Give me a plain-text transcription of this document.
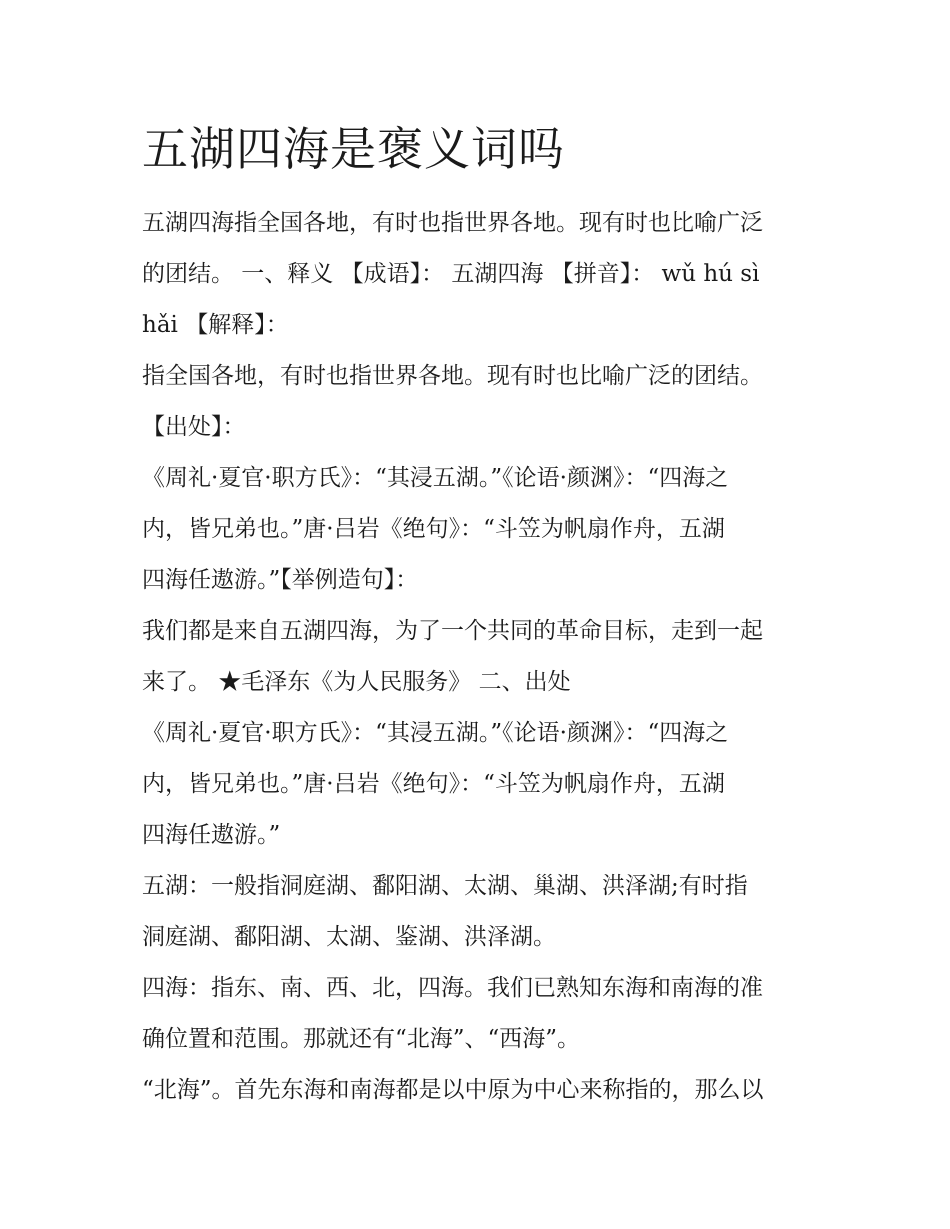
五湖四海是褒义词吗

五湖四海指全国各地，有时也指世界各地。现有时也比喻广泛

的团结。 一、释义 【成语】： 五湖四海 【拼音】： wǔ hú sì

hǎi 【解释】：

指全国各地，有时也指世界各地。现有时也比喻广泛的团结。

【出处】：

《周礼·夏官·职方氏》：“其浸五湖。”《论语·颜渊》：“四海之

内，皆兄弟也。”唐·吕岩《绝句》：“斗笠为帆扇作舟，五湖

四海任遨游。”【举例造句】：

我们都是来自五湖四海，为了一个共同的革命目标，走到一起

来了。 ★毛泽东《为人民服务》 二、出处

《周礼·夏官·职方氏》：“其浸五湖。”《论语·颜渊》：“四海之

内，皆兄弟也。”唐·吕岩《绝句》：“斗笠为帆扇作舟，五湖

四海任遨游。”

五湖：一般指洞庭湖、鄱阳湖、太湖、巢湖、洪泽湖;有时指

洞庭湖、鄱阳湖、太湖、鉴湖、洪泽湖。

四海：指东、南、西、北，四海。我们已熟知东海和南海的准

确位置和范围。那就还有“北海”、“西海”。

“北海”。首先东海和南海都是以中原为中心来称指的，那么以
